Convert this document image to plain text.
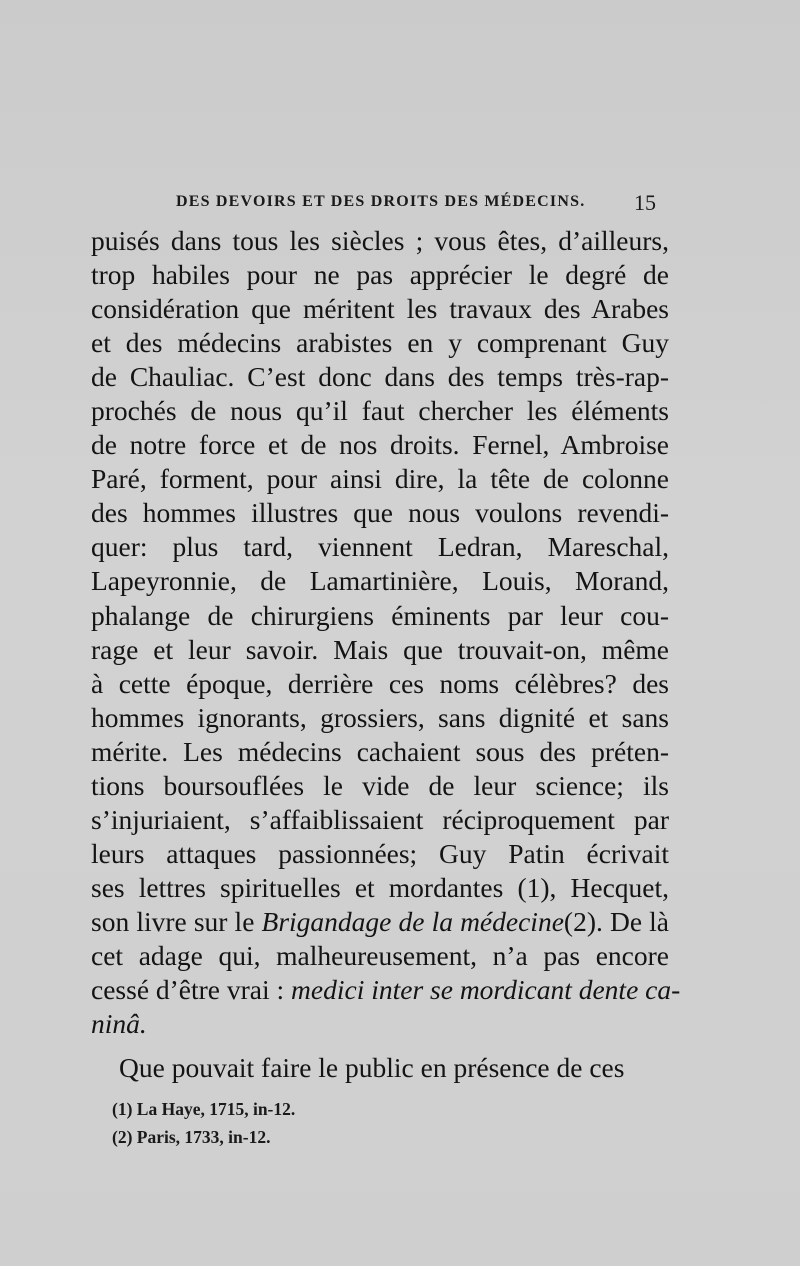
DES DEVOIRS ET DES DROITS DES MÉDECINS. 15
puisés dans tous les siècles ; vous êtes, d’ailleurs,
trop habiles pour ne pas apprécier le degré de
considération que méritent les travaux des Arabes
et des médecins arabistes en y comprenant Guy
de Chauliac. C’est donc dans des temps très-rap-
prochés de nous qu’il faut chercher les éléments
de notre force et de nos droits. Fernel, Ambroise
Paré, forment, pour ainsi dire, la tête de colonne
des hommes illustres que nous voulons revendi-
quer: plus tard, viennent Ledran, Mareschal,
Lapeyronnie, de Lamartinière, Louis, Morand,
phalange de chirurgiens éminents par leur cou-
rage et leur savoir. Mais que trouvait-on, même
à cette époque, derrière ces noms célèbres? des
hommes ignorants, grossiers, sans dignité et sans
mérite. Les médecins cachaient sous des préten-
tions boursouflées le vide de leur science; ils
s’injuriaient, s’affaiblissaient réciproquement par
leurs attaques passionnées; Guy Patin écrivait
ses lettres spirituelles et mordantes (1), Hecquet,
son livre sur le Brigandage de la médecine(2). De là
cet adage qui, malheureusement, n’a pas encore
cessé d’être vrai : medici inter se mordicant dente ca-
ninâ.
Que pouvait faire le public en présence de ces
(1) La Haye, 1715, in-12.
(2) Paris, 1733, in-12.
